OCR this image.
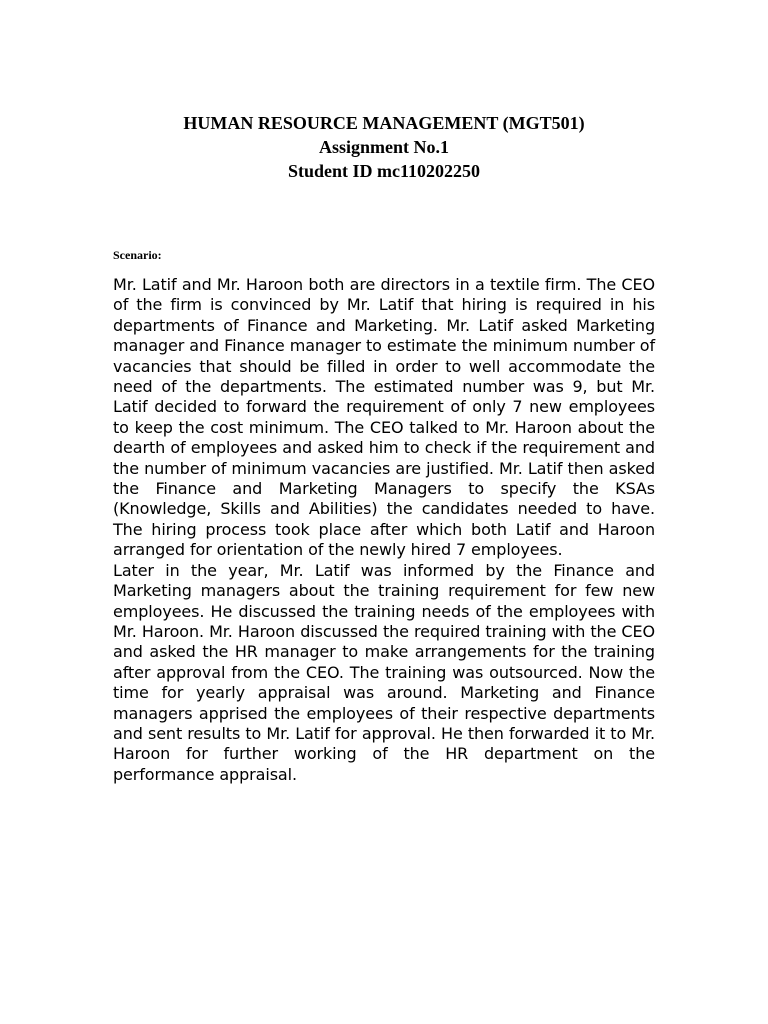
HUMAN RESOURCE MANAGEMENT (MGT501)
Assignment No.1
Student ID mc110202250
Scenario:

Mr. Latif and Mr. Haroon both are directors in a textile firm. The CEO of the firm is convinced by Mr. Latif that hiring is required in his departments of Finance and Marketing. Mr. Latif asked Marketing manager and Finance manager to estimate the minimum number of vacancies that should be filled in order to well accommodate the need of the departments. The estimated number was 9, but Mr. Latif decided to forward the requirement of only 7 new employees to keep the cost minimum. The CEO talked to Mr. Haroon about the dearth of employees and asked him to check if the requirement and the number of minimum vacancies are justified. Mr. Latif then asked the Finance and Marketing Managers to specify the KSAs (Knowledge, Skills and Abilities) the candidates needed to have. The hiring process took place after which both Latif and Haroon arranged for orientation of the newly hired 7 employees.

Later in the year, Mr. Latif was informed by the Finance and Marketing managers about the training requirement for few new employees. He discussed the training needs of the employees with Mr. Haroon. Mr. Haroon discussed the required training with the CEO and asked the HR manager to make arrangements for the training after approval from the CEO. The training was outsourced. Now the time for yearly appraisal was around. Marketing and Finance managers apprised the employees of their respective departments and sent results to Mr. Latif for approval. He then forwarded it to Mr. Haroon for further working of the HR department on the performance appraisal.
